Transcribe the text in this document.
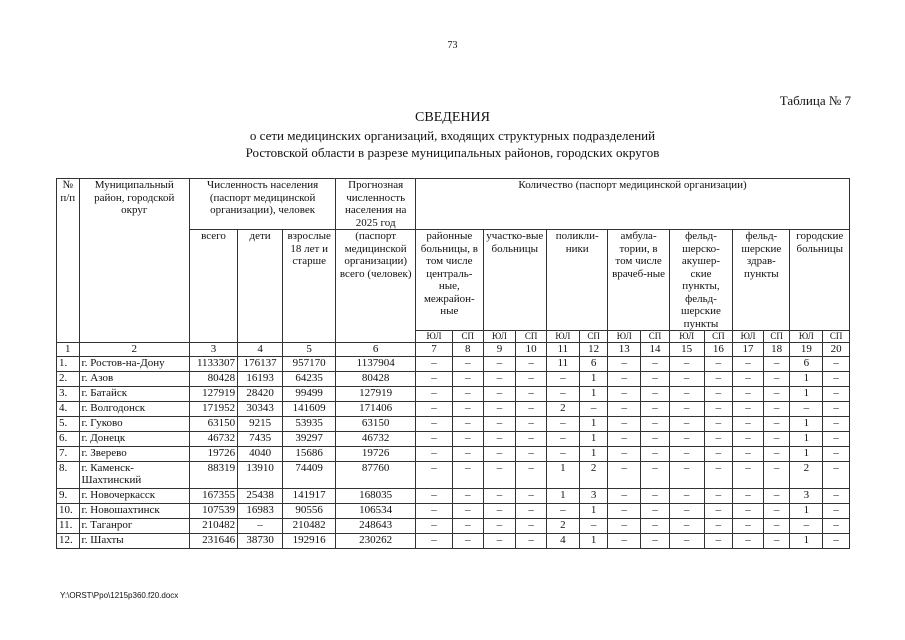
73
Таблица № 7
СВЕДЕНИЯ
о сети медицинских организаций, входящих структурных подразделений
Ростовской области в разрезе муниципальных районов, городских округов
№ п/п	Муниципальный район, городской округ	Численность населения (паспорт медицинской организации), человек			Прогнозная численность населения на 2025 год	Количество (паспорт медицинской организации)													
		всего	дети	взрослые 18 лет и старше	(паспорт медицинской организации) всего (человек)	районные больницы, в том числе централь-ные, межрайон-ные		участко-вые больницы		поликли-ники		амбула-тории, в том числе врачеб-ные		фельд-шерско-акушер-ские пункты, фельд-шерские пункты		фельд-шерские здрав-пункты		городские больницы	
						ЮЛ	СП	ЮЛ	СП	ЮЛ	СП	ЮЛ	СП	ЮЛ	СП	ЮЛ	СП	ЮЛ	СП
1	2	3	4	5	6	7	8	9	10	11	12	13	14	15	16	17	18	19	20
1.	г. Ростов-на-Дону	1133307	176137	957170	1137904	–	–	–	–	11	6	–	–	–	–	–	–	6	–
2.	г. Азов	80428	16193	64235	80428	–	–	–	–	–	1	–	–	–	–	–	–	1	–
3.	г. Батайск	127919	28420	99499	127919	–	–	–	–	–	1	–	–	–	–	–	–	1	–
4.	г. Волгодонск	171952	30343	141609	171406	–	–	–	–	2	–	–	–	–	–	–	–	–	–
5.	г. Гуково	63150	9215	53935	63150	–	–	–	–	–	1	–	–	–	–	–	–	1	–
6.	г. Донецк	46732	7435	39297	46732	–	–	–	–	–	1	–	–	–	–	–	–	1	–
7.	г. Зверево	19726	4040	15686	19726	–	–	–	–	–	1	–	–	–	–	–	–	1	–
8.	г. Каменск-Шахтинский	88319	13910	74409	87760	–	–	–	–	1	2	–	–	–	–	–	–	2	–
9.	г. Новочеркасск	167355	25438	141917	168035	–	–	–	–	1	3	–	–	–	–	–	–	3	–
10.	г. Новошахтинск	107539	16983	90556	106534	–	–	–	–	–	1	–	–	–	–	–	–	1	–
11.	г. Таганрог	210482	–	210482	248643	–	–	–	–	2	–	–	–	–	–	–	–	–	–
12.	г. Шахты	231646	38730	192916	230262	–	–	–	–	4	1	–	–	–	–	–	–	1	–
Y:\ORST\Ppo\1215p360.f20.docx
